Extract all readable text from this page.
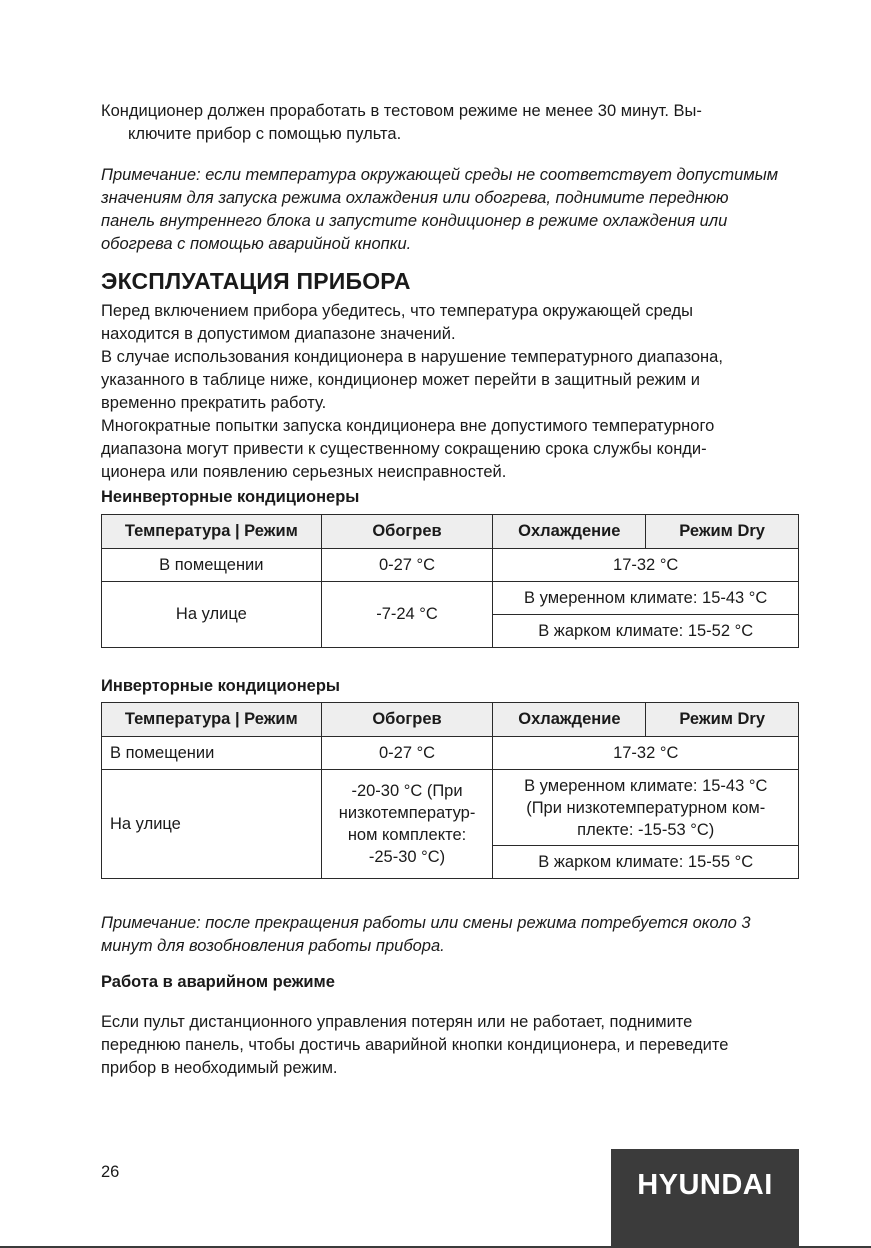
Кондиционер должен проработать в тестовом режиме не менее 30 минут. Вы-
ключите прибор с помощью пульта.

Примечание: если температура окружающей среды не соответствует допустимым
значениям для запуска режима охлаждения или обогрева, поднимите переднюю
панель внутреннего блока и запустите кондиционер в режиме охлаждения или
обогрева с помощью аварийной кнопки.

ЭКСПЛУАТАЦИЯ ПРИБОРА

Перед включением прибора убедитесь, что температура окружающей среды
находится в допустимом диапазоне значений.
В случае использования кондиционера в нарушение температурного диапазона,
указанного в таблице ниже, кондиционер может перейти в защитный режим и
временно прекратить работу.
Многократные попытки запуска кондиционера вне допустимого температурного
диапазона могут привести к существенному сокращению срока службы конди-
ционера или появлению серьезных неисправностей.

Неинверторные кондиционеры

Температура | Режим	Обогрев	Охлаждение	Режим Dry
В помещении	0-27 °C	17-32 °C	
На улице	-7-24 °C	В умеренном климате: 15-43 °C	
		В жарком климате: 15-52 °C	

Инверторные кондиционеры

Температура | Режим	Обогрев	Охлаждение	Режим Dry
В помещении	0-27 °C	17-32 °C	
На улице	-20-30 °C (При
низкотемператур-
ном комплекте:
-25-30 °C)	В умеренном климате: 15-43 °C
(При низкотемпературном ком-
плекте: -15-53 °C)	
		В жарком климате: 15-55 °C	

Примечание: после прекращения работы или смены режима потребуется около 3
минут для возобновления работы прибора.

Работа в аварийном режиме

Если пульт дистанционного управления потерян или не работает, поднимите
переднюю панель, чтобы достичь аварийной кнопки кондиционера, и переведите
прибор в необходимый режим.

26	HYUNDAI
